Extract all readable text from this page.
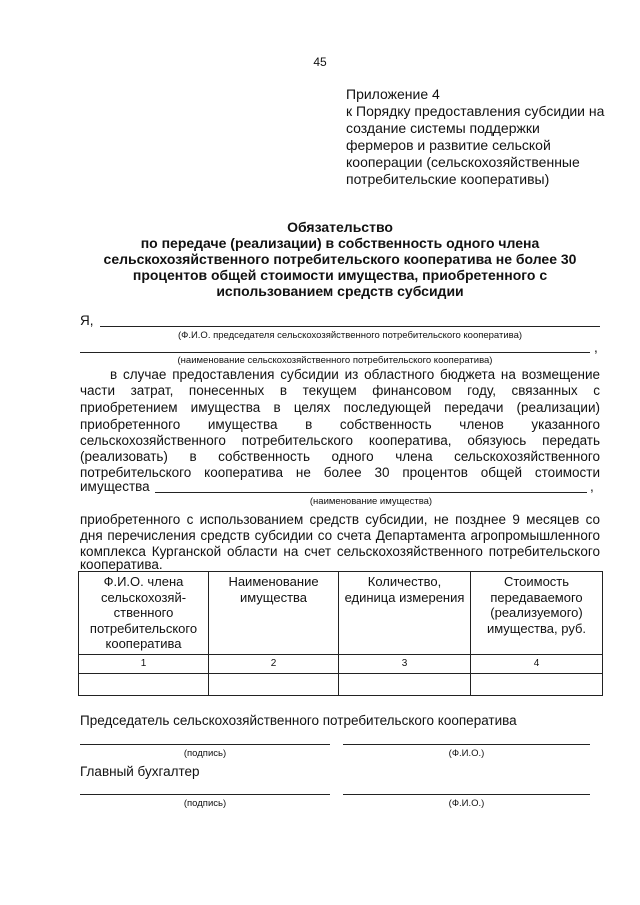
45
Приложение 4
к Порядку предоставления субсидии на
создание системы поддержки
фермеров и развитие сельской
кооперации (сельскохозяйственные
потребительские кооперативы)
Обязательство
по передаче (реализации) в собственность одного члена
сельскохозяйственного потребительского кооператива не более 30
процентов общей стоимости имущества, приобретенного с
использованием средств субсидии
Я,
(Ф.И.О. председателя сельскохозяйственного потребительского кооператива)
,
(наименование сельскохозяйственного потребительского кооператива)
в случае предоставления субсидии из областного бюджета на возмещение
части затрат, понесенных в текущем финансовом году, связанных с
приобретением имущества в целях последующей передачи (реализации)
приобретенного имущества в собственность членов указанного
сельскохозяйственного потребительского кооператива, обязуюсь передать
(реализовать) в собственность одного члена сельскохозяйственного
потребительского кооператива не более 30 процентов общей стоимости
имущества	,
(наименование имущества)
приобретенного с использованием средств субсидии, не позднее 9 месяцев со
дня перечисления средств субсидии со счета Департамента агропромышленного
комплекса Курганской области на счет сельскохозяйственного потребительского
кооператива.
Ф.И.О. члена сельскохозяй-ственного потребительского кооператива	Наименование имущества	Количество, единица измерения	Стоимость передаваемого (реализуемого) имущества, руб.
1	2	3	4

Председатель сельскохозяйственного потребительского кооператива
(подпись)	(Ф.И.О.)
Главный бухгалтер
(подпись)	(Ф.И.О.)
